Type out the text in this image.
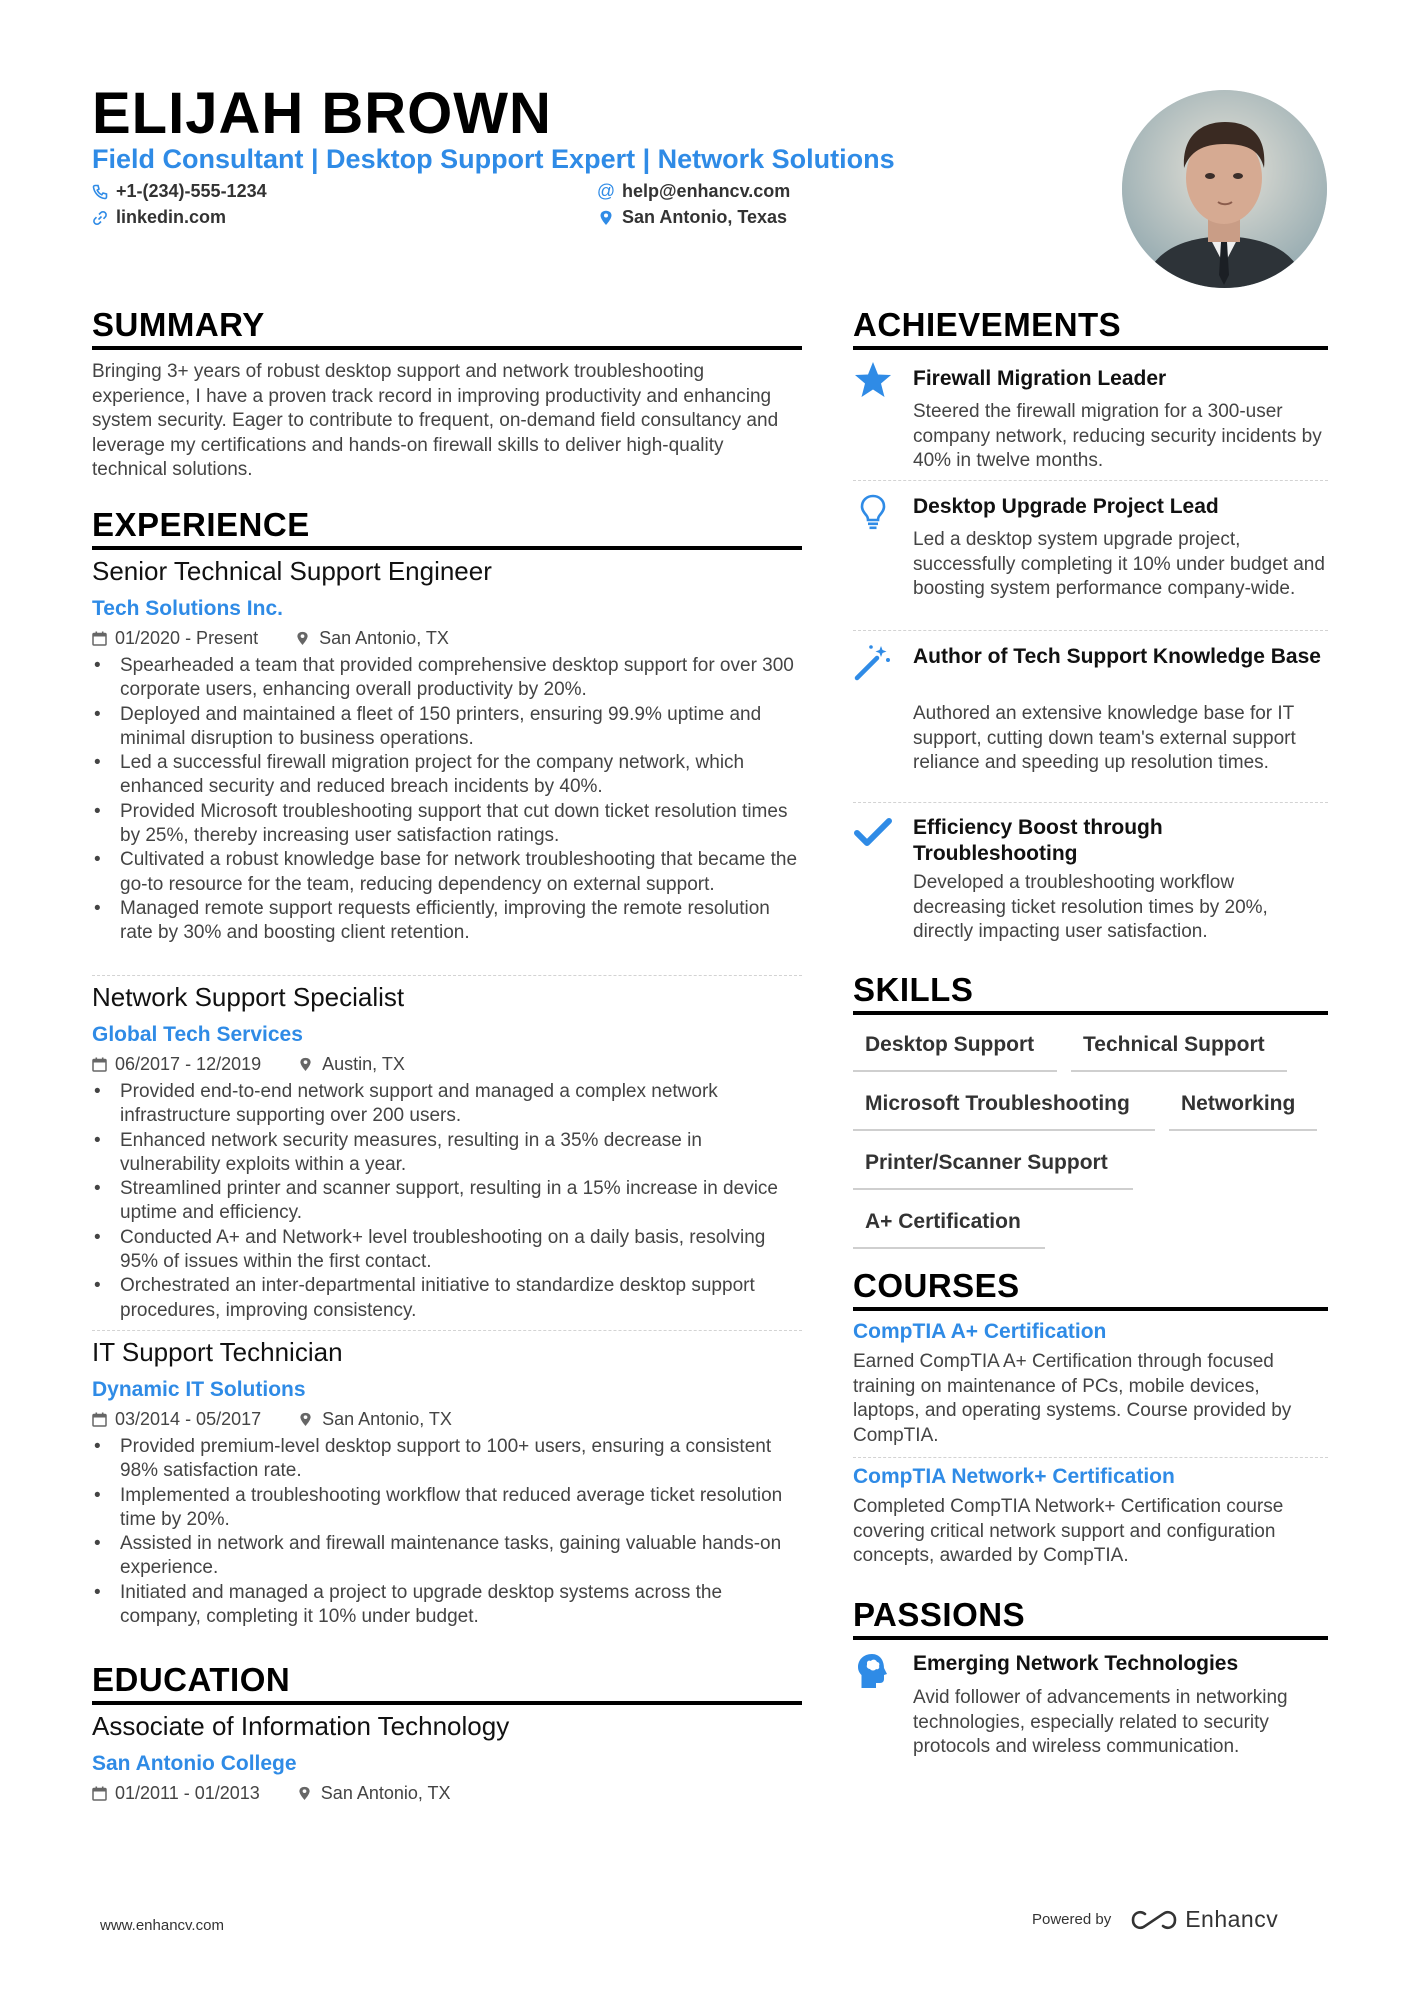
ELIJAH BROWN
Field Consultant | Desktop Support Expert | Network Solutions
+1-(234)-555-1234
linkedin.com
@ help@enhancv.com
San Antonio, Texas
SUMMARY
Bringing 3+ years of robust desktop support and network troubleshooting experience, I have a proven track record in improving productivity and enhancing system security. Eager to contribute to frequent, on-demand field consultancy and leverage my certifications and hands-on firewall skills to deliver high-quality technical solutions.
EXPERIENCE
Senior Technical Support Engineer
Tech Solutions Inc.
01/2020 - Present	San Antonio, TX
• Spearheaded a team that provided comprehensive desktop support for over 300 corporate users, enhancing overall productivity by 20%.
• Deployed and maintained a fleet of 150 printers, ensuring 99.9% uptime and minimal disruption to business operations.
• Led a successful firewall migration project for the company network, which enhanced security and reduced breach incidents by 40%.
• Provided Microsoft troubleshooting support that cut down ticket resolution times by 25%, thereby increasing user satisfaction ratings.
• Cultivated a robust knowledge base for network troubleshooting that became the go-to resource for the team, reducing dependency on external support.
• Managed remote support requests efficiently, improving the remote resolution rate by 30% and boosting client retention.
Network Support Specialist
Global Tech Services
06/2017 - 12/2019	Austin, TX
• Provided end-to-end network support and managed a complex network infrastructure supporting over 200 users.
• Enhanced network security measures, resulting in a 35% decrease in vulnerability exploits within a year.
• Streamlined printer and scanner support, resulting in a 15% increase in device uptime and efficiency.
• Conducted A+ and Network+ level troubleshooting on a daily basis, resolving 95% of issues within the first contact.
• Orchestrated an inter-departmental initiative to standardize desktop support procedures, improving consistency.
IT Support Technician
Dynamic IT Solutions
03/2014 - 05/2017	San Antonio, TX
• Provided premium-level desktop support to 100+ users, ensuring a consistent 98% satisfaction rate.
• Implemented a troubleshooting workflow that reduced average ticket resolution time by 20%.
• Assisted in network and firewall maintenance tasks, gaining valuable hands-on experience.
• Initiated and managed a project to upgrade desktop systems across the company, completing it 10% under budget.
EDUCATION
Associate of Information Technology
San Antonio College
01/2011 - 01/2013	San Antonio, TX
ACHIEVEMENTS
Firewall Migration Leader
Steered the firewall migration for a 300-user company network, reducing security incidents by 40% in twelve months.
Desktop Upgrade Project Lead
Led a desktop system upgrade project, successfully completing it 10% under budget and boosting system performance company-wide.
Author of Tech Support Knowledge Base
Authored an extensive knowledge base for IT support, cutting down team's external support reliance and speeding up resolution times.
Efficiency Boost through Troubleshooting
Developed a troubleshooting workflow decreasing ticket resolution times by 20%, directly impacting user satisfaction.
SKILLS
Desktop Support	Technical Support
Microsoft Troubleshooting	Networking
Printer/Scanner Support
A+ Certification
COURSES
CompTIA A+ Certification
Earned CompTIA A+ Certification through focused training on maintenance of PCs, mobile devices, laptops, and operating systems. Course provided by CompTIA.
CompTIA Network+ Certification
Completed CompTIA Network+ Certification course covering critical network support and configuration concepts, awarded by CompTIA.
PASSIONS
Emerging Network Technologies
Avid follower of advancements in networking technologies, especially related to security protocols and wireless communication.
www.enhancv.com	Powered by	Enhancv
